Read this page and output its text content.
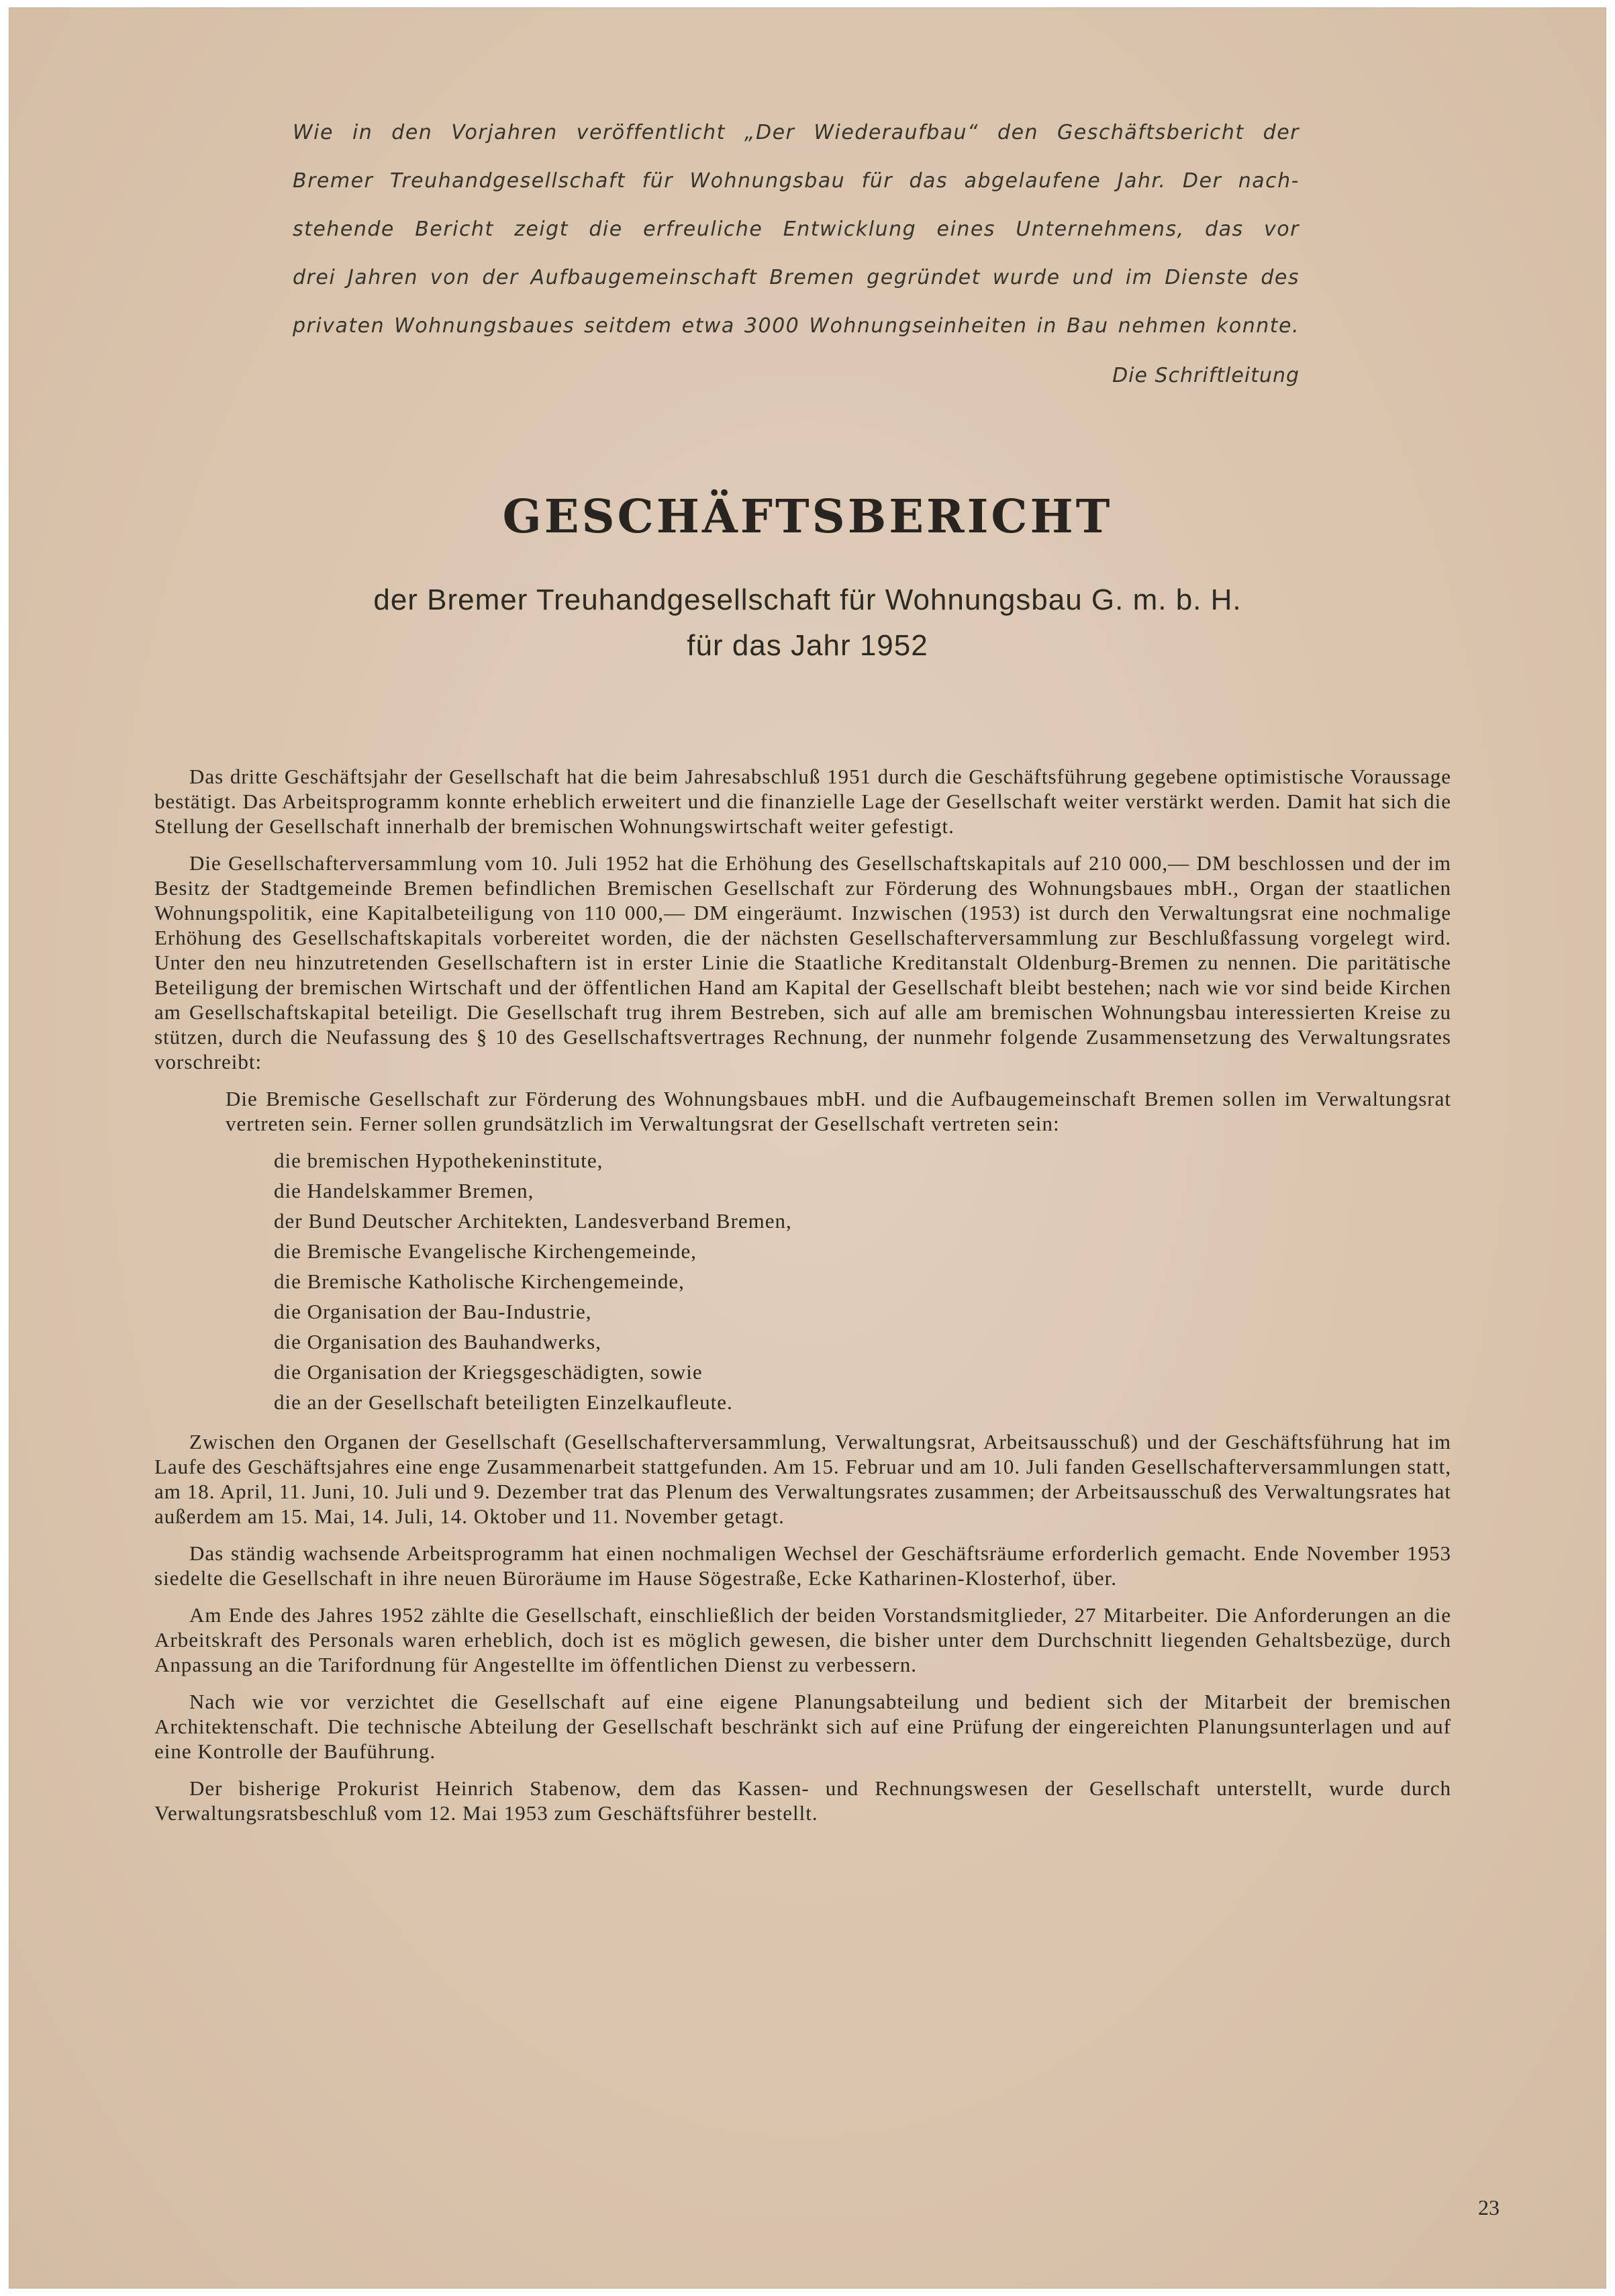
Wie in den Vorjahren veröffentlicht „Der Wiederaufbau“ den Geschäftsbericht der
Bremer Treuhandgesellschaft für Wohnungsbau für das abgelaufene Jahr. Der nach-
stehende Bericht zeigt die erfreuliche Entwicklung eines Unternehmens, das vor
drei Jahren von der Aufbaugemeinschaft Bremen gegründet wurde und im Dienste des
privaten Wohnungsbaues seitdem etwa 3000 Wohnungseinheiten in Bau nehmen konnte.
Die Schriftleitung
GESCHÄFTSBERICHT
der Bremer Treuhandgesellschaft für Wohnungsbau G. m. b. H.
für das Jahr 1952

Das dritte Geschäftsjahr der Gesellschaft hat die beim Jahresabschluß 1951 durch die Geschäftsführung gegebene optimistische Voraussage bestätigt. Das Arbeitsprogramm konnte erheblich erweitert und die finanzielle Lage der Gesellschaft weiter verstärkt werden. Damit hat sich die Stellung der Gesellschaft innerhalb der bremischen Wohnungswirtschaft weiter gefestigt.

Die Gesellschafterversammlung vom 10. Juli 1952 hat die Erhöhung des Gesellschaftskapitals auf 210 000,— DM beschlossen und der im Besitz der Stadtgemeinde Bremen befindlichen Bremischen Gesellschaft zur Förderung des Wohnungsbaues mbH., Organ der staatlichen Wohnungspolitik, eine Kapitalbeteiligung von 110 000,— DM eingeräumt. Inzwischen (1953) ist durch den Verwaltungsrat eine nochmalige Erhöhung des Gesellschaftskapitals vorbereitet worden, die der nächsten Gesellschafterversammlung zur Beschlußfassung vorgelegt wird. Unter den neu hinzutretenden Gesellschaftern ist in erster Linie die Staatliche Kreditanstalt Oldenburg-Bremen zu nennen. Die paritätische Beteiligung der bremischen Wirtschaft und der öffentlichen Hand am Kapital der Gesellschaft bleibt bestehen; nach wie vor sind beide Kirchen am Gesellschaftskapital beteiligt. Die Gesellschaft trug ihrem Bestreben, sich auf alle am bremischen Wohnungsbau interessierten Kreise zu stützen, durch die Neufassung des § 10 des Gesellschaftsvertrages Rechnung, der nunmehr folgende Zusammensetzung des Verwaltungsrates vorschreibt:

Die Bremische Gesellschaft zur Förderung des Wohnungsbaues mbH. und die Aufbaugemeinschaft Bremen sollen im Verwaltungsrat vertreten sein. Ferner sollen grundsätzlich im Verwaltungsrat der Gesellschaft vertreten sein:

die bremischen Hypothekeninstitute,
die Handelskammer Bremen,
der Bund Deutscher Architekten, Landesverband Bremen,
die Bremische Evangelische Kirchengemeinde,
die Bremische Katholische Kirchengemeinde,
die Organisation der Bau-Industrie,
die Organisation des Bauhandwerks,
die Organisation der Kriegsgeschädigten, sowie
die an der Gesellschaft beteiligten Einzelkaufleute.

Zwischen den Organen der Gesellschaft (Gesellschafterversammlung, Verwaltungsrat, Arbeitsausschuß) und der Geschäftsführung hat im Laufe des Geschäftsjahres eine enge Zusammenarbeit stattgefunden. Am 15. Februar und am 10. Juli fanden Gesellschafterversammlungen statt, am 18. April, 11. Juni, 10. Juli und 9. Dezember trat das Plenum des Verwaltungsrates zusammen; der Arbeitsausschuß des Verwaltungsrates hat außerdem am 15. Mai, 14. Juli, 14. Oktober und 11. November getagt.

Das ständig wachsende Arbeitsprogramm hat einen nochmaligen Wechsel der Geschäftsräume erforderlich gemacht. Ende November 1953 siedelte die Gesellschaft in ihre neuen Büroräume im Hause Sögestraße, Ecke Katharinen-Klosterhof, über.

Am Ende des Jahres 1952 zählte die Gesellschaft, einschließlich der beiden Vorstandsmitglieder, 27 Mitarbeiter. Die Anforderungen an die Arbeitskraft des Personals waren erheblich, doch ist es möglich gewesen, die bisher unter dem Durchschnitt liegenden Gehaltsbezüge, durch Anpassung an die Tarifordnung für Angestellte im öffentlichen Dienst zu verbessern.

Nach wie vor verzichtet die Gesellschaft auf eine eigene Planungsabteilung und bedient sich der Mitarbeit der bremischen Architektenschaft. Die technische Abteilung der Gesellschaft beschränkt sich auf eine Prüfung der eingereichten Planungsunterlagen und auf eine Kontrolle der Bauführung.

Der bisherige Prokurist Heinrich Stabenow, dem das Kassen- und Rechnungswesen der Gesellschaft unterstellt, wurde durch Verwaltungsratsbeschluß vom 12. Mai 1953 zum Geschäftsführer bestellt.

23
